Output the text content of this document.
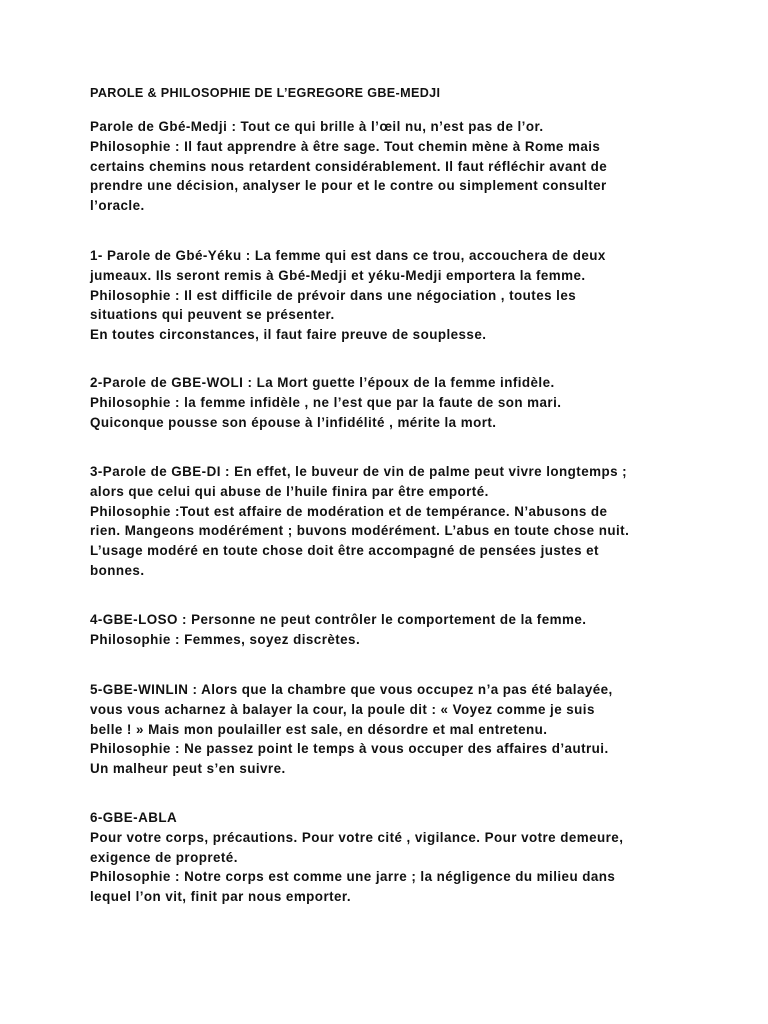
PAROLE & PHILOSOPHIE DE L’EGREGORE GBE-MEDJI
Parole de Gbé-Medji : Tout ce qui brille à l’œil nu, n’est pas de l’or.
Philosophie : Il faut apprendre à être sage. Tout chemin mène à Rome mais
certains chemins nous retardent considérablement. Il faut réfléchir avant de
prendre une décision, analyser le pour et le contre ou simplement consulter
l’oracle.
1- Parole de Gbé-Yéku : La femme qui est dans ce trou, accouchera de deux
jumeaux. Ils seront remis à Gbé-Medji et yéku-Medji emportera la femme.
Philosophie : Il est difficile de prévoir dans une négociation , toutes les
situations qui peuvent se présenter.
En toutes circonstances, il faut faire preuve de souplesse.
2-Parole de GBE-WOLI : La Mort guette l’époux de la femme infidèle.
Philosophie : la femme infidèle , ne l’est que par la faute de son mari.
Quiconque pousse son épouse à l’infidélité , mérite la mort.
3-Parole de GBE-DI : En effet, le buveur de vin de palme peut vivre longtemps ;
alors que celui qui abuse de l’huile finira par être emporté.
Philosophie :Tout est affaire de modération et de tempérance. N’abusons de
rien. Mangeons modérément ; buvons modérément. L’abus en toute chose nuit.
L’usage modéré en toute chose doit être accompagné de pensées justes et
bonnes.
4-GBE-LOSO : Personne ne peut contrôler le comportement de la femme.
Philosophie : Femmes, soyez discrètes.
5-GBE-WINLIN : Alors que la chambre que vous occupez n’a pas été balayée,
vous vous acharnez à balayer la cour, la poule dit : « Voyez comme je suis
belle ! » Mais mon poulailler est sale, en désordre et mal entretenu.
Philosophie : Ne passez point le temps à vous occuper des affaires d’autrui.
Un malheur peut s’en suivre.
6-GBE-ABLA
Pour votre corps, précautions. Pour votre cité , vigilance. Pour votre demeure,
exigence de propreté.
Philosophie : Notre corps est comme une jarre ; la négligence du milieu dans
lequel l’on vit, finit par nous emporter.
